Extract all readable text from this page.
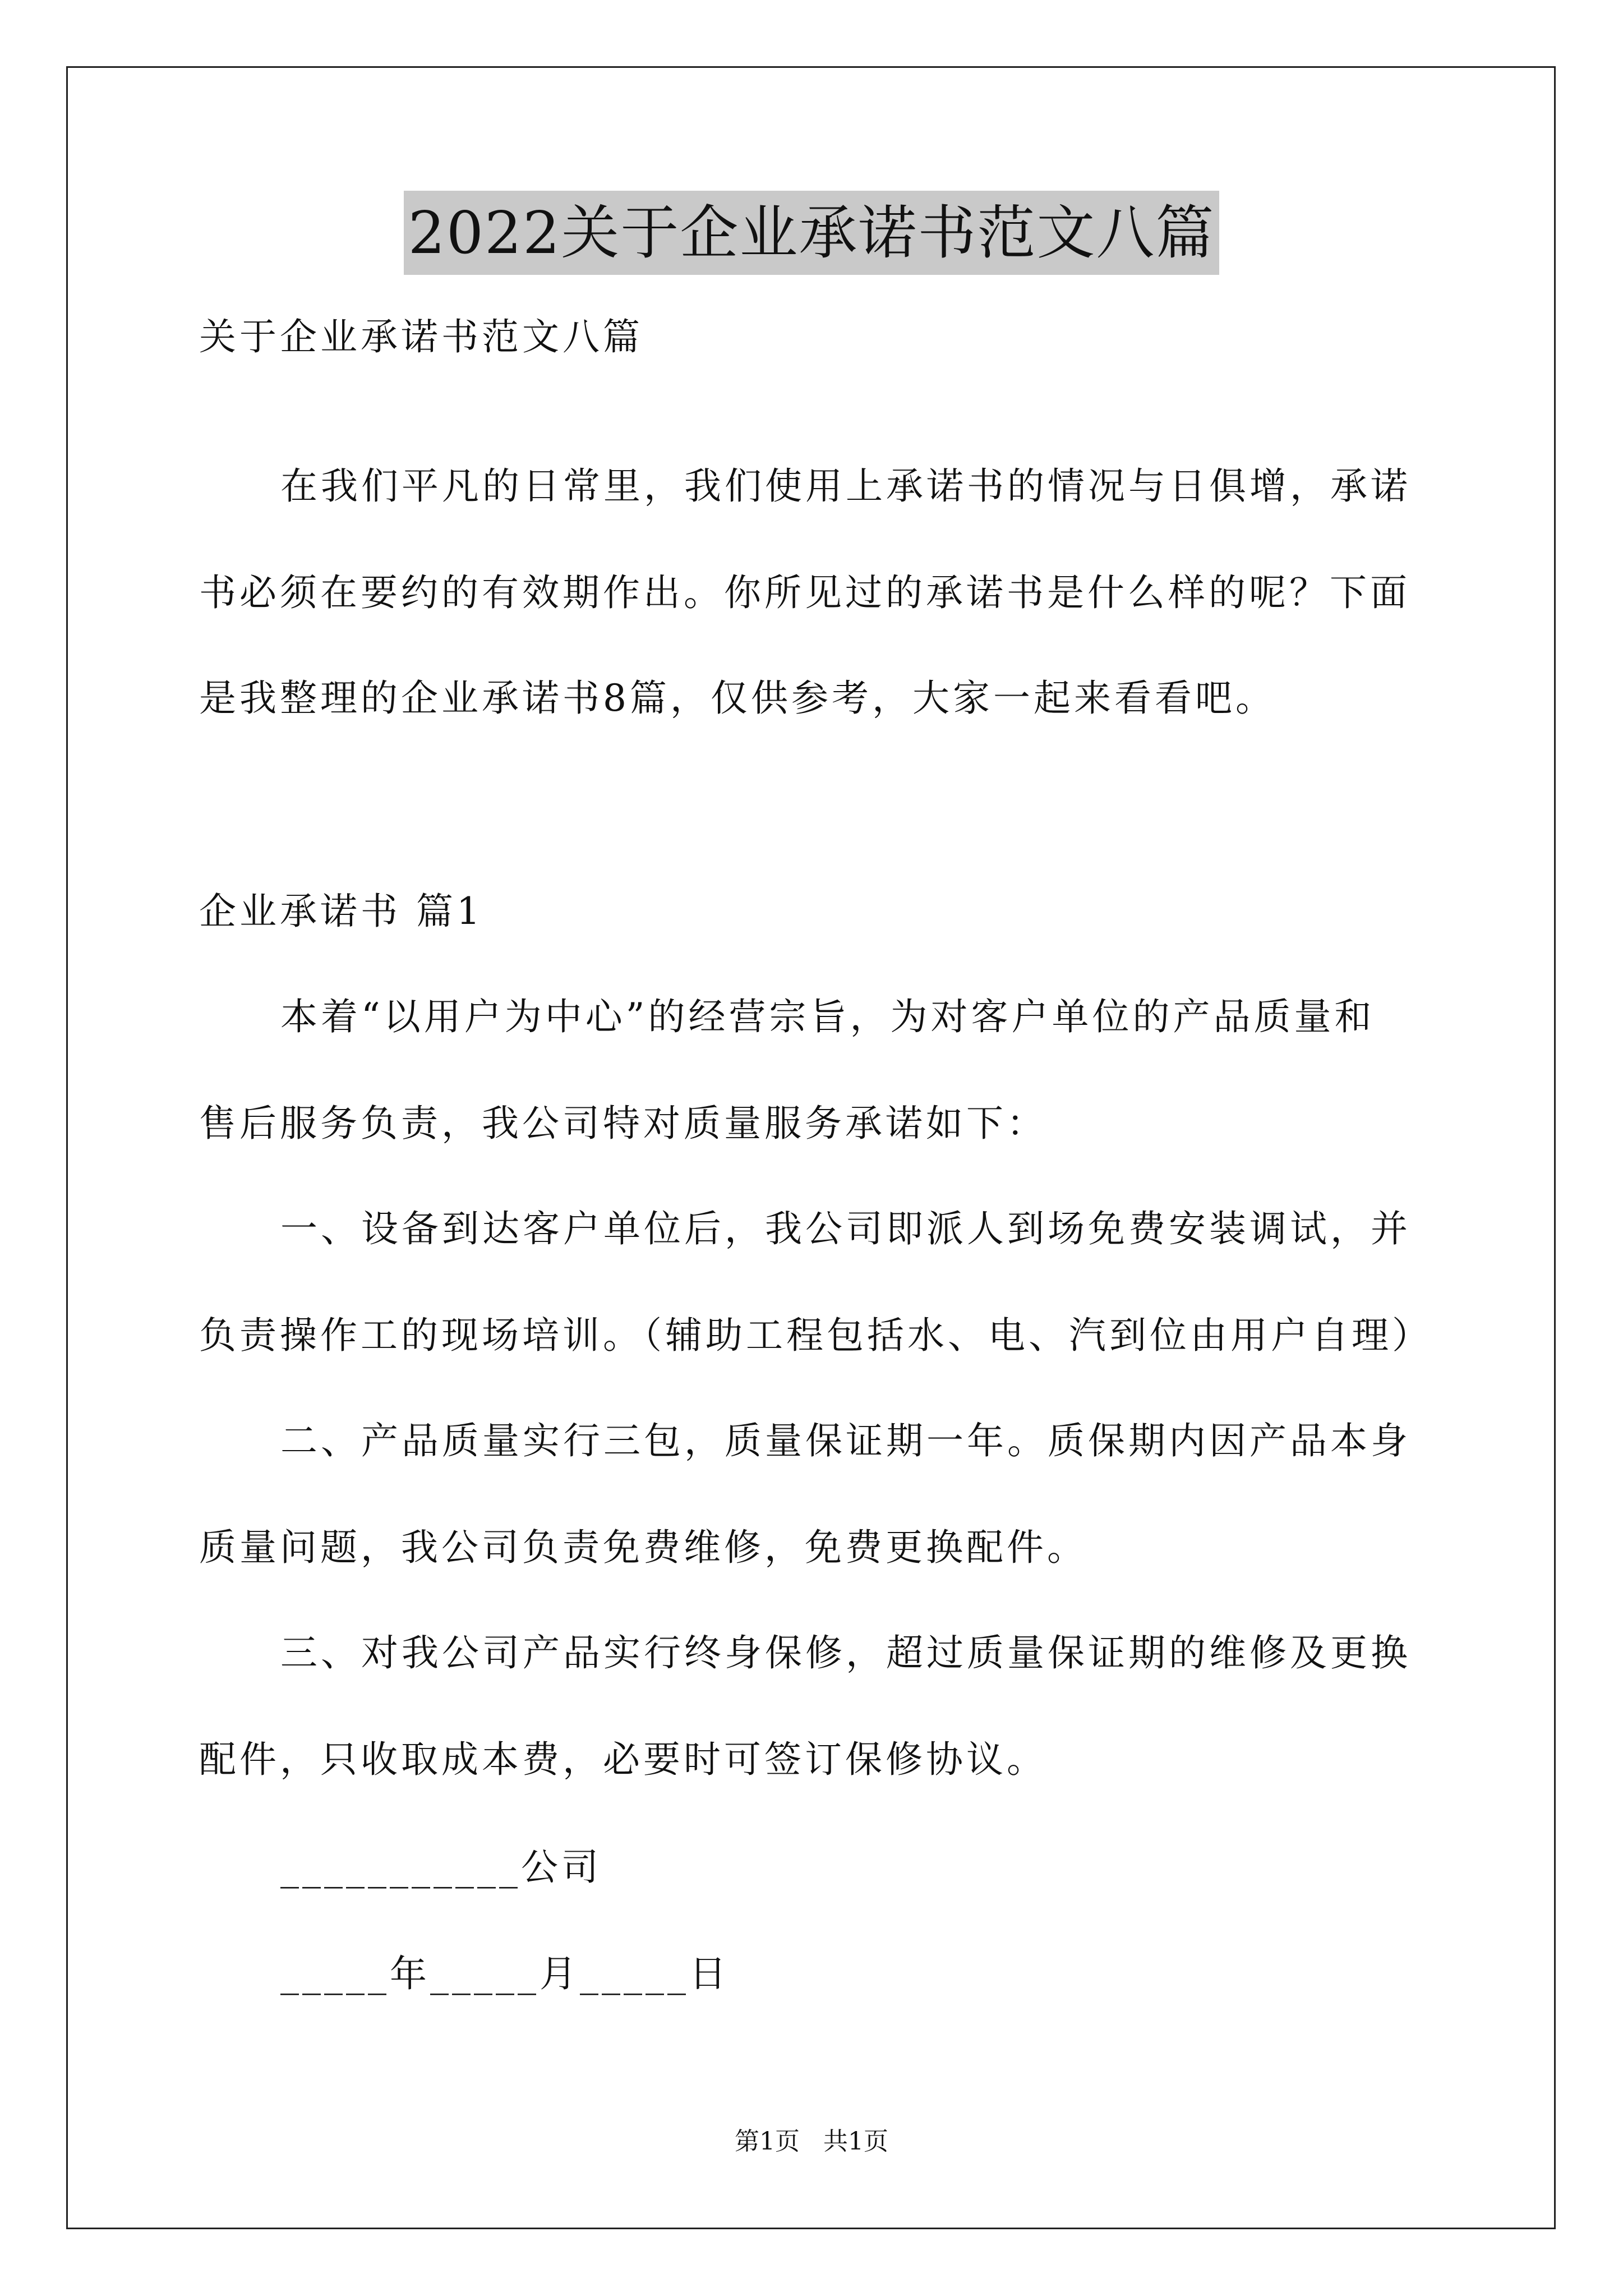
2022关于企业承诺书范文八篇
关于企业承诺书范文八篇
在我们平凡的日常里，我们使用上承诺书的情况与日俱增，承诺
书必须在要约的有效期作出。你所见过的承诺书是什么样的呢？下面
是我整理的企业承诺书8篇，仅供参考，大家一起来看看吧。
企业承诺书 篇1
本着“以用户为中心”的经营宗旨，为对客户单位的产品质量和
售后服务负责，我公司特对质量服务承诺如下：
一、设备到达客户单位后，我公司即派人到场免费安装调试，并
负责操作工的现场培训。（辅助工程包括水、电、汽到位由用户自理）
二、产品质量实行三包，质量保证期一年。质保期内因产品本身
质量问题，我公司负责免费维修，免费更换配件。
三、对我公司产品实行终身保修，超过质量保证期的维修及更换
配件，只收取成本费，必要时可签订保修协议。
___________公司
_____年_____月_____日
第1页 共1页
